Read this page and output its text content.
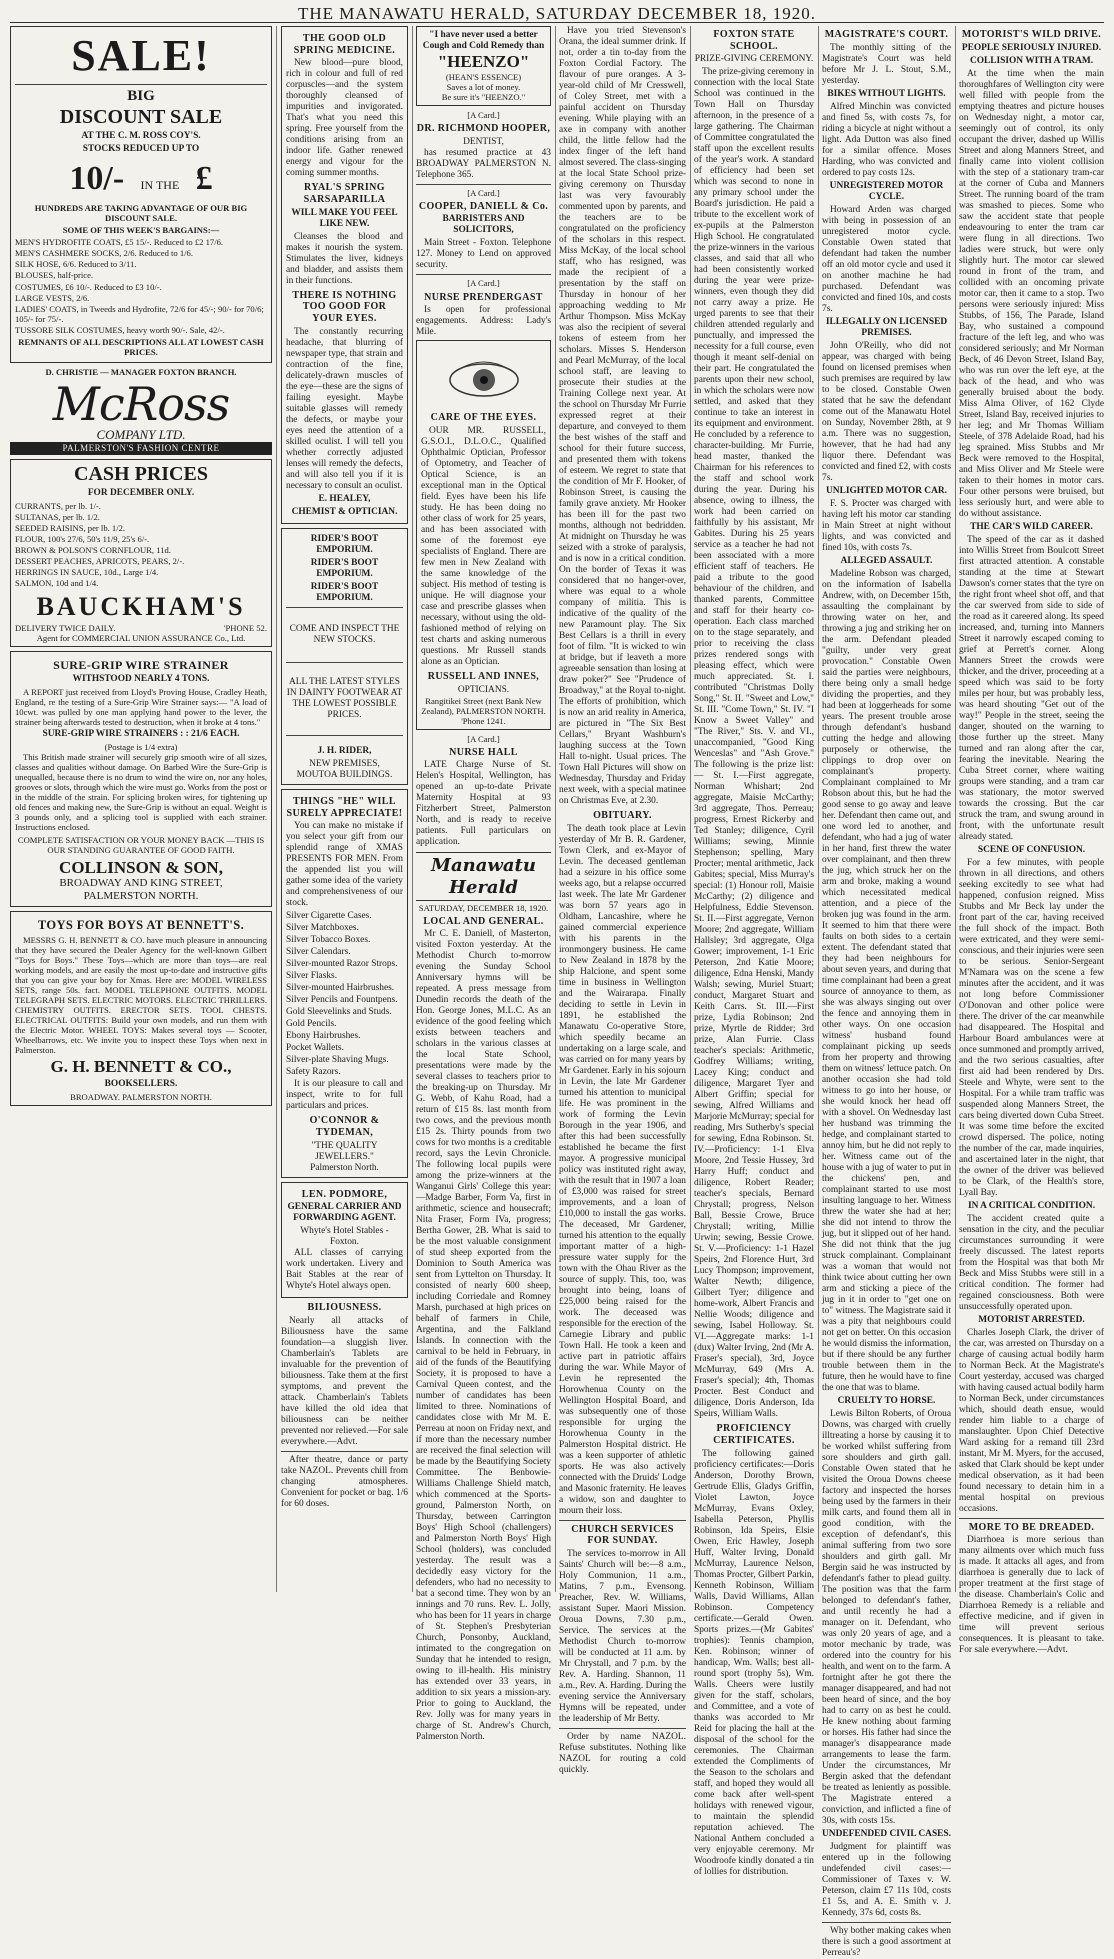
THE MANAWATU HERALD, SATURDAY DECEMBER 18, 1920.
SALE!
BIG
DISCOUNT SALE
AT THE C. M. ROSS COY'S.
STOCKS REDUCED UP TO
10/- IN THE £
HUNDREDS ARE TAKING ADVANTAGE OF OUR BIG DISCOUNT SALE.
SOME OF THIS WEEK'S BARGAINS:—
MEN'S HYDROFITE COATS, £5 15/-. Reduced to £2 17/6.
MEN'S CASHMERE SOCKS, 2/6. Reduced to 1/6.
SILK HOSE, 6/6. Reduced to 3/11.
BLOUSES, half-price.
COSTUMES, £6 10/-. Reduced to £3 10/-.
LARGE VESTS, 2/6.
LADIES' COATS, in Tweeds and Hydrofite, 72/6 for 45/-; 90/- for 70/6; 105/- for 75/-.
TUSSORE SILK COSTUMES, heavy worth 90/-. Sale, 42/-.
REMNANTS OF ALL DESCRIPTIONS ALL AT LOWEST CASH PRICES.
D. CHRISTIE — MANAGER FOXTON BRANCH.
McRoss
COMPANY LTD.
PALMERSTON'S FASHION CENTRE
CASH PRICES
FOR DECEMBER ONLY.
CURRANTS, per lb. 1/-.
SULTANAS, per lb. 1/2.
SEEDED RAISINS, per lb. 1/2.
FLOUR, 100's 27/6, 50's 11/9, 25's 6/-.
BROWN & POLSON'S CORNFLOUR, 11d.
DESSERT PEACHES, APRICOTS, PEARS, 2/-.
HERRINGS IN SAUCE, 10d., Large 1/4.
SALMON, 10d and 1/4.
BAUCKHAM'S
DELIVERY TWICE DAILY.	'PHONE 52.
Agent for COMMERCIAL UNION ASSURANCE Co., Ltd.
SURE-GRIP WIRE STRAINER
WITHSTOOD NEARLY 4 TONS.

A REPORT just received from Lloyd's Proving House, Cradley Heath, England, re the testing of a Sure-Grip Wire Strainer says:— "A load of 10cwt. was pulled by one man applying hand power to the lever, the strainer being afterwards tested to destruction, when it broke at 4 tons."

SURE-GRIP WIRE STRAINERS : : 21/6 EACH.
(Postage is 1/4 extra)

This British made strainer will securely grip smooth wire of all sizes, classes and qualities without damage. On Barbed Wire the Sure-Grip is unequalled, because there is no drum to wind the wire on, nor any holes, grooves or slots, through which the wire must go. Works from the post or in the middle of the strain. For splicing broken wires, for tightening up old fences and making new, the Sure-Grip is without an equal. Weight is 3 pounds only, and a splicing tool is supplied with each strainer. Instructions enclosed.

COMPLETE SATISFACTION OR YOUR MONEY BACK —THIS IS OUR STANDING GUARANTEE OF GOOD FAITH.
COLLINSON & SON,
BROADWAY AND KING STREET,
PALMERSTON NORTH.
TOYS FOR BOYS AT BENNETT'S.

MESSRS G. H. BENNETT & CO. have much pleasure in announcing that they have secured the Dealer Agency for the well-known Gilbert "Toys for Boys." These Toys—which are more than toys—are real working models, and are easily the most up-to-date and instructive gifts that you can give your boy for Xmas. Here are: MODEL WIRELESS SETS, range 50s. fact. MODEL TELEPHONE OUTFITS. MODEL TELEGRAPH SETS. ELECTRIC MOTORS. ELECTRIC THRILLERS. CHEMISTRY OUTFITS. ERECTOR SETS. TOOL CHESTS. ELECTRICAL OUTFITS: Build your own models, and run them with the Electric Motor. WHEEL TOYS: Makes several toys — Scooter, Wheelbarrows, etc. We invite you to inspect these Toys when next in Palmerston.

G. H. BENNETT & CO.,
BOOKSELLERS.
BROADWAY. PALMERSTON NORTH.
THE GOOD OLD SPRING MEDICINE.

New blood—pure blood, rich in colour and full of red corpuscles—and the system thoroughly cleansed of impurities and invigorated. That's what you need this spring. Free yourself from the conditions arising from an indoor life. Gather renewed energy and vigour for the coming summer months.

RYAL'S SPRING SARSAPARILLA
WILL MAKE YOU FEEL LIKE NEW.

Cleanses the blood and makes it nourish the system. Stimulates the liver, kidneys and bladder, and assists them in their functions.

THERE IS NOTHING TOO GOOD FOR YOUR EYES.

The constantly recurring headache, that blurring of newspaper type, that strain and contraction of the fine, delicately-drawn muscles of the eye—these are the signs of failing eyesight. Maybe suitable glasses will remedy the defects, or maybe your eyes need the attention of a skilled oculist. I will tell you whether correctly adjusted lenses will remedy the defects, and will also tell you if it is necessary to consult an oculist.

E. HEALEY,
CHEMIST & OPTICIAN.
RIDER'S BOOT EMPORIUM.
RIDER'S BOOT EMPORIUM.
RIDER'S BOOT EMPORIUM.
COME AND INSPECT THE NEW STOCKS.
ALL THE LATEST STYLES IN DAINTY FOOTWEAR AT THE LOWEST POSSIBLE PRICES.
J. H. RIDER,
NEW PREMISES,
MOUTOA BUILDINGS.
THINGS "HE" WILL SURELY APPRECIATE!

You can make no mistake if you select your gift from our splendid range of XMAS PRESENTS FOR MEN. From the appended list you will gather some idea of the variety and comprehensiveness of our stock.

Silver Cigarette Cases.
Silver Matchboxes.
Silver Tobacco Boxes.
Silver Calendars.
Silver-mounted Razor Strops.
Silver Flasks.
Silver-mounted Hairbrushes.
Silver Pencils and Fountpens.
Gold Sleevelinks and Studs.
Gold Pencils.
Ebony Hairbrushes.
Pocket Wallets.
Silver-plate Shaving Mugs.
Safety Razors.

It is our pleasure to call and inspect, write to for full particulars and prices.

O'CONNOR & TYDEMAN,
"THE QUALITY JEWELLERS."
Palmerston North.
LEN. PODMORE,
GENERAL CARRIER AND FORWARDING AGENT.
Whyte's Hotel Stables - Foxton.

ALL classes of carrying work undertaken. Livery and Bait Stables at the rear of Whyte's Hotel always open.

BILIOUSNESS.

Nearly all attacks of Biliousness have the same foundation—a sluggish liver. Chamberlain's Tablets are invaluable for the prevention of biliousness. Take them at the first symptoms, and prevent the attack. Chamberlain's Tablets have killed the old idea that biliousness can be neither prevented nor relieved.—For sale everywhere.—Advt.

After theatre, dance or party take NAZOL. Prevents chill from changing atmospheres. Convenient for pocket or bag. 1/6 for 60 doses.

"I have never used a better Cough and Cold Remedy than
"HEENZO"
(HEAN'S ESSENCE)
Saves a lot of money.
Be sure it's "HEENZO."
[A Card.]
DR. RICHMOND HOOPER,
DENTIST,

has resumed practice at 43 BROADWAY PALMERSTON N. Telephone 365.

[A Card.]
COOPER, DANIELL & Co.
BARRISTERS AND SOLICITORS,

Main Street - Foxton. Telephone 127. Money to Lend on approved security.

[A Card.]
NURSE PRENDERGAST

Is open for professional engagements. Address: Lady's Mile.

CARE OF THE EYES.

OUR MR. RUSSELL, G.S.O.I., D.L.O.C., Qualified Ophthalmic Optician, Professor of Optometry, and Teacher of Optical Science, is an exceptional man in the Optical field. Eyes have been his life study. He has been doing no other class of work for 25 years, and has been associated with some of the foremost eye specialists of England. There are few men in New Zealand with the same knowledge of the subject. His method of testing is unique. He will diagnose your case and prescribe glasses when necessary, without using the old-fashioned method of relying on test charts and asking numerous questions. Mr Russell stands alone as an Optician.

RUSSELL AND INNES,
OPTICIANS.
Rangitikei Street (next Bank New Zealand), PALMERSTON NORTH. 'Phone 1241.
[A Card.]
NURSE HALL

LATE Charge Nurse of St. Helen's Hospital, Wellington, has opened an up-to-date Private Maternity Hospital at 93 Fitzherbert Street, Palmerston North, and is ready to receive patients. Full particulars on application.

Manawatu Herald
SATURDAY, DECEMBER 18, 1920.
LOCAL AND GENERAL.

Mr C. E. Daniell, of Masterton, visited Foxton yesterday. At the Methodist Church to-morrow evening the Sunday School Anniversary hymns will be repeated. A press message from Dunedin records the death of the Hon. George Jones, M.L.C. As an evidence of the good feeling which exists between teachers and scholars in the various classes at the local State School, presentations were made by the several classes to teachers prior to the breaking-up on Thursday. Mr G. Webb, of Kahu Road, had a return of £15 8s. last month from two cows, and the previous month £15 2s. Thirty pounds from two cows for two months is a creditable record, says the Levin Chronicle. The following local pupils were among the prize-winners at the Wanganui Girls' College this year:—Madge Barber, Form Va, first in arithmetic, science and housecraft; Nita Fraser, Form IVa, progress; Bertha Gower, 2B. What is said to be the most valuable consignment of stud sheep exported from the Dominion to South America was sent from Lyttelton on Thursday. It consisted of nearly 600 sheep, including Corriedale and Romney Marsh, purchased at high prices on behalf of farmers in Chile, Argentina, and the Falkland Islands. In connection with the carnival to be held in February, in aid of the funds of the Beautifying Society, it is proposed to have a Carnival Queen contest, and the number of candidates has been limited to three. Nominations of candidates close with Mr M. E. Perreau at noon on Friday next, and if more than the necessary number are received the final selection will be made by the Beautifying Society Committee. The Benbowie-Williams Challenge Shield match, which commenced at the Sports-ground, Palmerston North, on Thursday, between Carrington Boys' High School (challengers) and Palmerston North Boys' High School (holders), was concluded yesterday. The result was a decidedly easy victory for the defenders, who had no necessity to bat a second time. They won by an innings and 70 runs. Rev. L. Jolly, who has been for 11 years in charge of St. Stephen's Presbyterian Church, Ponsonby, Auckland, intimated to the congregation on Sunday that he intended to resign, owing to ill-health. His ministry has extended over 33 years, in addition to six years a mission-ary. Prior to going to Auckland, the Rev. Jolly was for many years in charge of St. Andrew's Church, Palmerston North.

Have you tried Stevenson's Orana, the ideal summer drink. If not, order a tin to-day from the Foxton Cordial Factory. The flavour of pure oranges. A 3-year-old child of Mr Cresswell, of Coley Street, met with a painful accident on Thursday evening. While playing with an axe in company with another child, the little fellow had the index finger of the left hand almost severed. The class-singing at the local State School prize-giving ceremony on Thursday last was very favourably commented upon by parents, and the teachers are to be congratulated on the proficiency of the scholars in this respect. Miss McKay, of the local school staff, who has resigned, was made the recipient of a presentation by the staff on Thursday in honour of her approaching wedding to Mr Arthur Thompson. Miss McKay was also the recipient of several tokens of esteem from her scholars. Misses S. Henderson and Pearl McMurray, of the local school staff, are leaving to prosecute their studies at the Training College next year. At the school on Thursday Mr Furrie expressed regret at their departure, and conveyed to them the best wishes of the staff and school for their future success, and presented them with tokens of esteem. We regret to state that the condition of Mr F. Hooker, of Robinson Street, is causing the family grave anxiety. Mr Hooker has been ill for the past two months, although not bedridden. At midnight on Thursday he was seized with a stroke of paralysis, and is now in a critical condition. On the border of Texas it was considered that no hanger-over, where was equal to a whole company of militia. This is indicative of the quality of the new Paramount play. The Six Best Cellars is a thrill in every foot of film. "It is wicked to win at bridge, but if leaveth a more agreeable sensation than losing at draw poker?" See "Prudence of Broadway," at the Royal to-night. The efforts of prohibition, which is now an arid reality in America, are pictured in "The Six Best Cellars," Bryant Washburn's laughing success at the Town Hall to-night. Usual prices. The Town Hall Pictures will show on Wednesday, Thursday and Friday next week, with a special matinee on Christmas Eve, at 2.30.

OBITUARY.

The death took place at Levin yesterday of Mr B. R. Gardener, Town Clerk, and ex-Mayor of Levin. The deceased gentleman had a seizure in his office some weeks ago, but a relapse occurred last week. The late Mr Gardener was born 57 years ago in Oldham, Lancashire, where he gained commercial experience with his parents in the ironmongery business. He came to New Zealand in 1878 by the ship Halcione, and spent some time in business in Wellington and the Wairarapa. Finally deciding to settle in Levin in 1891, he established the Manawatu Co-operative Store, which speedily became an undertaking on a large scale, and was carried on for many years by Mr Gardener. Early in his sojourn in Levin, the late Mr Gardener turned his attention to municipal life. He was prominent in the work of forming the Levin Borough in the year 1906, and after this had been successfully established he became the first mayor. A progressive municipal policy was instituted right away, with the result that in 1907 a loan of £3,000 was raised for street improvements, and a loan of £10,000 to install the gas works. The deceased, Mr Gardener, turned his attention to the equally important matter of a high-pressure water supply for the town with the Ohau River as the source of supply. This, too, was brought into being, loans of £25,000 being raised for the work. The deceased was responsible for the erection of the Carnegie Library and public Town Hall. He took a keen and active part in patriotic affairs during the war. While Mayor of Levin he represented the Horowhenua County on the Wellington Hospital Board, and was subsequently one of those responsible for urging the Horowhenua County in the Palmerston Hospital district. He was a keen supporter of athletic sports. He was also actively connected with the Druids' Lodge and Masonic fraternity. He leaves a widow, son and daughter to mourn their loss.

CHURCH SERVICES FOR SUNDAY.

The services to-morrow in All Saints' Church will be:—8 a.m., Holy Communion, 11 a.m., Matins, 7 p.m., Evensong. Preacher, Rev. W. Williams, assistant Super. Maori Mission. Oroua Downs, 7.30 p.m., Service. The services at the Methodist Church to-morrow will be conducted at 11 a.m. by Mr Chrystall, and 7 p.m. by the Rev. A. Harding. Shannon, 11 a.m., Rev. A. Harding. During the evening service the Anniversary Hymns will be repeated, under the leadership of Mr Betty.

Order by name NAZOL. Refuse substitutes. Nothing like NAZOL for routing a cold quickly.

FOXTON STATE SCHOOL.
PRIZE-GIVING CEREMONY.

The prize-giving ceremony in connection with the local State School was continued in the Town Hall on Thursday afternoon, in the presence of a large gathering. The Chairman of Committee congratulated the staff upon the excellent results of the year's work. A standard of efficiency had been set which was second to none in any primary school under the Board's jurisdiction. He paid a tribute to the excellent work of ex-pupils at the Palmerston High School. He congratulated the prize-winners in the various classes, and said that all who had been consistently worked during the year were prize-winners, even though they did not carry away a prize. He urged parents to see that their children attended regularly and punctually, and impressed the necessity for a full course, even though it meant self-denial on their part. He congratulated the parents upon their new school, in which the scholars were now settled, and asked that they continue to take an interest in its equipment and environment. He concluded by a reference to character-building. Mr Furrie, head master, thanked the Chairman for his references to the staff and school work during the year. During his absence, owing to illness, the work had been carried on faithfully by his assistant, Mr Gabites. During his 25 years service as a teacher he had not been associated with a more efficient staff of teachers. He paid a tribute to the good behaviour of the children, and thanked parents, Committee and staff for their hearty co-operation. Each class marched on to the stage separately, and prior to receiving the class prizes rendered songs with pleasing effect, which were much appreciated. St. I. contributed "Christmas Dolly Song," St. II. "Sweet and Low," St. III. "Come Town," St. IV. "I Know a Sweet Valley" and "The River," Sts. V. and VI., unaccompanied, "Good King Wenceslas" and "Ash Grove." The following is the prize list:— St. I.—First aggregate, Norman Whishart; 2nd aggregate, Maisie McCarthy; 3rd aggregate, Thos. Perreau; progress, Ernest Rickerby and Ted Stanley; diligence, Cyril Williams; sewing, Minnie Stephenson; spelling, Mary Procter; mental arithmetic, Jack Gabites; special, Miss Murray's special: (1) Honour roll, Maisie McCarthy; (2) diligence and Helpfulness, Eddie Stevenson. St. II.—First aggregate, Vernon Moore; 2nd aggregate, William Hallsley; 3rd aggregate, Olga Gower; improvement, 1-1 Eric Peterson, 2nd Katie Moore; diligence, Edna Henski, Mandy Walsh; sewing, Muriel Stuart; conduct, Margaret Stuart and Keith Carrs. St. III.—First prize, Lydia Robinson; 2nd prize, Myrtle de Ridder; 3rd prize, Alan Furrie. Class teacher's specials: Arithmetic, Godfrey Williams; writing, Lacey King; conduct and diligence, Margaret Tyer and Albert Griffin; special for sewing, Alfred Williams and Marjorie McMurray; special for reading, Mrs Sutherby's special for sewing, Edna Robinson. St. IV.—Proficiency: 1-1 Elva Moore, 2nd Tessie Hussey, 3rd Harry Huff; conduct and diligence, Robert Reader; teacher's specials, Bernard Chrystall; progress, Nelson Ball, Bessie Crowe, Bruce Chrystall; writing, Millie Urwin; sewing, Bessie Crowe. St. V.—Proficiency: 1-1 Hazel Speirs, 2nd Florence Hurt, 3rd Lucy Thompson; improvement, Walter Newth; diligence, Gilbert Tyer; diligence and home-work, Albert Francis and Nellie Woods; diligence and sewing, Isabel Holloway. St. VI.—Aggregate marks: 1-1 (dux) Walter Irving, 2nd (Mr A. Fraser's special), 3rd, Joyce McMurray, 649 (Mrs A. Fraser's special); 4th, Thomas Procter. Best Conduct and diligence, Doris Anderson, Ida Speirs, William Walls.

PROFICIENCY CERTIFICATES.

The following gained proficiency certificates:—Doris Anderson, Dorothy Brown, Gertrude Ellis, Gladys Griffin, Violet Lawton, Joyce McMurray, Evans Oxley, Isabella Peterson, Phyllis Robinson, Ida Speirs, Elsie Owen, Eric Hawley, Joseph Huff, Walter Irving, Donald McMurray, Laurence Nelson, Thomas Procter, Gilbert Parkin, Kenneth Robinson, William Walls, David Williams, Allan Robinson. Competency certificate.—Gerald Owen. Sports prizes.—(Mr Gabites' trophies): Tennis champion, Ken. Robinson; winner of handicap, Wm. Walls; best all-round sport (trophy 5s), Wm. Walls. Cheers were lustily given for the staff, scholars, and Committee, and a vote of thanks was accorded to Mr Reid for placing the hall at the disposal of the school for the ceremonies. The Chairman extended the Compliments of the Season to the scholars and staff, and hoped they would all come back after well-spent holidays with renewed vigour, to maintain the splendid reputation achieved. The National Anthem concluded a very enjoyable ceremony. Mr Woodroofe kindly donated a tin of lollies for distribution.

MAGISTRATE'S COURT.

The monthly sitting of the Magistrate's Court was held before Mr J. L. Stout, S.M., yesterday.

BIKES WITHOUT LIGHTS.

Alfred Minchin was convicted and fined 5s, with costs 7s, for riding a bicycle at night without a light. Ada Dutton was also fined for a similar offence. Moses Harding, who was convicted and ordered to pay costs 12s.

UNREGISTERED MOTOR CYCLE.

Howard Arden was charged with being in possession of an unregistered motor cycle. Constable Owen stated that defendant had taken the number off an old motor cycle and used it on another machine he had purchased. Defendant was convicted and fined 10s, and costs 7s.

ILLEGALLY ON LICENSED PREMISES.

John O'Reilly, who did not appear, was charged with being found on licensed premises when such premises are required by law to be closed. Constable Owen stated that he saw the defendant come out of the Manawatu Hotel on Sunday, November 28th, at 9 a.m. There was no suggestion, however, that he had had any liquor there. Defendant was convicted and fined £2, with costs 7s.

UNLIGHTED MOTOR CAR.

F. S. Procter was charged with having left his motor car standing in Main Street at night without lights, and was convicted and fined 10s, with costs 7s.

ALLEGED ASSAULT.

Madeline Robson was charged, on the information of Isabella Andrew, with, on December 15th, assaulting the complainant by throwing water on her, and throwing a jug and striking her on the arm. Defendant pleaded "guilty, under very great provocation." Constable Owen said the parties were neighbours, there being only a small hedge dividing the properties, and they had been at loggerheads for some years. The present trouble arose through defendant's husband cutting the hedge and allowing purposely or otherwise, the clippings to drop over on complainant's property. Complainant complained to Mr Robson about this, but he had the good sense to go away and leave her. Defendant then came out, and one word led to another, and defendant, who had a jug of water in her hand, first threw the water over complainant, and then threw the jug, which struck her on the arm and broke, making a wound which necessitated medical attention, and a piece of the broken jug was found in the arm. It seemed to him that there were faults on both sides to a certain extent. The defendant stated that they had been neighbours for about seven years, and during that time complainant had been a great source of annoyance to them, as she was always singing out over the fence and annoying them in other ways. On one occasion witness' husband found complainant picking up seeds from her property and throwing them on witness' lettuce patch. On another occasion she had told witness to go into her house, or she would knock her head off with a shovel. On Wednesday last her husband was trimming the hedge, and complainant started to annoy him, but he did not reply to her. Witness came out of the house with a jug of water to put in the chickens' pen, and complainant started to use most insulting language to her. Witness threw the water she had at her; she did not intend to throw the jug, but it slipped out of her hand. She did not think that the jug struck complainant. Complainant was a woman that would not think twice about cutting her own arm and sticking a piece of the jug in it in order to "get one on to" witness. The Magistrate said it was a pity that neighbours could not get on better. On this occasion he would dismiss the information, but if there should be any further trouble between them in the future, then he would have to fine the one that was to blame.

CRUELTY TO HORSE.

Lewis Bilton Roberts, of Oroua Downs, was charged with cruelly illtreating a horse by causing it to be worked whilst suffering from sore shoulders and girth gall. Constable Owen stated that he visited the Oroua Downs cheese factory and inspected the horses being used by the farmers in their milk carts, and found them all in good condition, with the exception of defendant's, this animal suffering from two sore shoulders and girth gall. Mr Bergin said he was instructed by defendant's father to plead guilty. The position was that the farm belonged to defendant's father, and until recently he had a manager on it. Defendant, who was only 20 years of age, and a motor mechanic by trade, was ordered into the country for his health, and went on to the farm. A fortnight after he got there the manager disappeared, and had not been heard of since, and the boy had to carry on as best he could. He knew nothing about farming or horses. His father had since the manager's disappearance made arrangements to lease the farm. Under the circumstances, Mr Bergin asked that the defendant be treated as leniently as possible. The Magistrate entered a conviction, and inflicted a fine of 30s, with costs 15s.

UNDEFENDED CIVIL CASES.

Judgment for plaintiff was entered up in the following undefended civil cases:—Commissioner of Taxes v. W. Peterson, claim £7 11s 10d, costs £1 5s, and A. E. Smith v. J. Kennedy, 37s 6d, costs 8s.

Why bother making cakes when there is such a good assortment at Perreau's?

MOTORIST'S WILD DRIVE.
PEOPLE SERIOUSLY INJURED.
COLLISION WITH A TRAM.

At the time when the main thoroughfares of Wellington city were well filled with people from the emptying theatres and picture houses on Wednesday night, a motor car, seemingly out of control, its only occupant the driver, dashed up Willis Street and along Manners Street, and finally came into violent collision with the step of a stationary tram-car at the corner of Cuba and Manners Street. The running board of the tram was smashed to pieces. Some who saw the accident state that people endeavouring to enter the tram car were flung in all directions. Two ladies were struck, but were only slightly hurt. The motor car slewed round in front of the tram, and collided with an oncoming private motor car, then it came to a stop. Two persons were seriously injured: Miss Stubbs, of 156, The Parade, Island Bay, who sustained a compound fracture of the left leg, and who was considered seriously; and Mr Norman Beck, of 46 Devon Street, Island Bay, who was run over the left eye, at the back of the head, and who was generally bruised about the body. Miss Alma Oliver, of 162 Clyde Street, Island Bay, received injuries to her leg; and Mr Thomas William Steele, of 378 Adelaide Road, had his leg sprained. Miss Stubbs and Mr Beck were removed to the Hospital, and Miss Oliver and Mr Steele were taken to their homes in motor cars. Four other persons were bruised, but less seriously hurt, and were able to do without assistance.

THE CAR'S WILD CAREER.

The speed of the car as it dashed into Willis Street from Boulcott Street first attracted attention. A constable standing at the time at Stewart Dawson's corner states that the tyre on the right front wheel shot off, and that the car swerved from side to side of the road as it careered along. Its speed increased, and, turning into Manners Street it narrowly escaped coming to grief at Perrett's corner. Along Manners Street the crowds were thicker, and the driver, proceeding at a speed which was said to be forty miles per hour, but was probably less, was heard shouting "Get out of the way!" People in the street, seeing the danger, shouted on the warning to those further up the street. Many turned and ran along after the car, fearing the inevitable. Nearing the Cuba Street corner, where waiting groups were standing, and a tram car was stationary, the motor swerved towards the crossing. But the car struck the tram, and swung around in front, with the unfortunate result already stated.

SCENE OF CONFUSION.

For a few minutes, with people thrown in all directions, and others seeking excitedly to see what had happened, confusion reigned. Miss Stubbs and Mr Beck lay under the front part of the car, having received the full shock of the impact. Both were extricated, and they were semi-conscious, and their injuries were seen to be serious. Senior-Sergeant M'Namara was on the scene a few minutes after the accident, and it was not long before Commissioner O'Donovan and other police were there. The driver of the car meanwhile had disappeared. The Hospital and Harbour Board ambulances were at once summoned and promptly arrived, and the two serious casualties, after first aid had been rendered by Drs. Steele and Whyte, were sent to the Hospital. For a while tram traffic was suspended along Manners Street, the cars being diverted down Cuba Street. It was some time before the excited crowd dispersed. The police, noting the number of the car, made inquiries, and ascertained later in the night, that the owner of the driver was believed to be Clark, of the Health's store, Lyall Bay.

IN A CRITICAL CONDITION.

The accident created quite a sensation in the city, and the peculiar circumstances surrounding it were freely discussed. The latest reports from the Hospital was that both Mr Beck and Miss Stubbs were still in a critical condition. The former had regained consciousness. Both were unsuccessfully operated upon.

MOTORIST ARRESTED.

Charles Joseph Clark, the driver of the car, was arrested on Thursday on a charge of causing actual bodily harm to Norman Beck. At the Magistrate's Court yesterday, accused was charged with having caused actual bodily harm to Norman Beck, under circumstances which, should death ensue, would render him liable to a charge of manslaughter. Upon Chief Detective Ward asking for a remand till 23rd instant, Mr M. Myers, for the accused, asked that Clark should be kept under medical observation, as it had been found necessary to detain him in a mental hospital on previous occasions.

MORE TO BE DREADED.

Diarrhoea is more serious than many ailments over which much fuss is made. It attacks all ages, and from diarrhoea is generally due to lack of proper treatment at the first stage of the disease. Chamberlain's Colic and Diarrhoea Remedy is a reliable and effective medicine, and if given in time will prevent serious consequences. It is pleasant to take. For sale everywhere.—Advt.
